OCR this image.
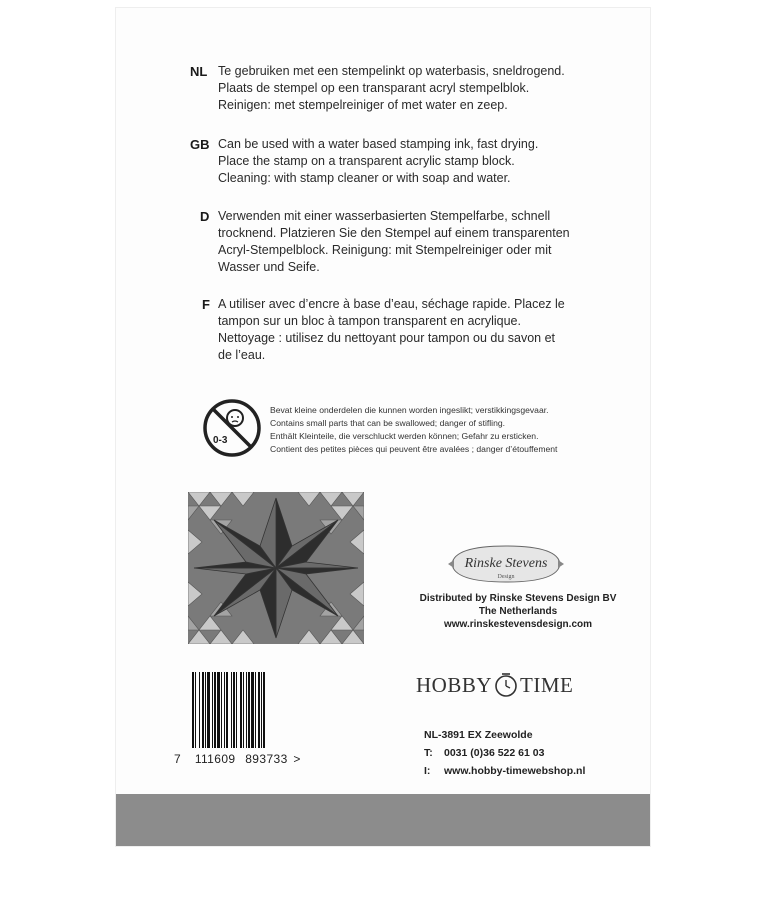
NL Te gebruiken met een stempelinkt op waterbasis, sneldrogend.
Plaats de stempel op een transparant acryl stempelblok.
Reinigen: met stempelreiniger of met water en zeep.
GB Can be used with a water based stamping ink, fast drying.
Place the stamp on a transparent acrylic stamp block.
Cleaning: with stamp cleaner or with soap and water.
D Verwenden mit einer wasserbasierten Stempelfarbe, schnell
trocknend. Platzieren Sie den Stempel auf einem transparenten
Acryl-Stempelblock. Reinigung: mit Stempelreiniger oder mit
Wasser und Seife.
F A utiliser avec d’encre à base d’eau, séchage rapide. Placez le
tampon sur un bloc à tampon transparent en acrylique.
Nettoyage : utilisez du nettoyant pour tampon ou du savon et
de l’eau.
0-3
Bevat kleine onderdelen die kunnen worden ingeslikt; verstikkingsgevaar.
Contains small parts that can be swallowed; danger of stifling.
Enthält Kleinteile, die verschluckt werden können; Gefahr zu ersticken.
Contient des petites pièces qui peuvent être avalées ; danger d’étouffement
Rinske Stevens
Design
Distributed by Rinske Stevens Design BV
The Netherlands
www.rinskestevensdesign.com
HOBBY TIME
NL-3891 EX Zeewolde
T: 0031 (0)36 522 61 03
I: www.hobby-timewebshop.nl
7 111609 893733 >
